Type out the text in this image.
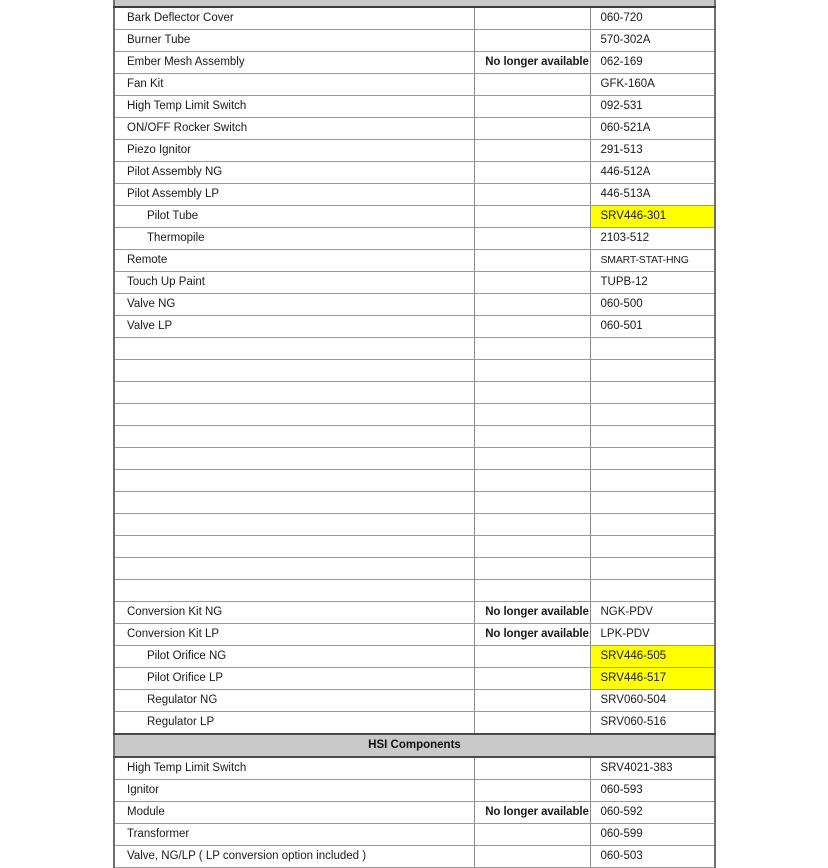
Bark Deflector Cover		060-720
Burner Tube		570-302A
Ember Mesh Assembly	No longer available	062-169
Fan Kit		GFK-160A
High Temp Limit Switch		092-531
ON/OFF Rocker Switch		060-521A
Piezo Ignitor		291-513
Pilot Assembly NG		446-512A
Pilot Assembly LP		446-513A
Pilot Tube		SRV446-301
Thermopile		2103-512
Remote		SMART-STAT-HNG
Touch Up Paint		TUPB-12
Valve NG		060-500
Valve LP		060-501

Conversion Kit NG	No longer available	NGK-PDV
Conversion Kit LP	No longer available	LPK-PDV
Pilot Orifice NG		SRV446-505
Pilot Orifice LP		SRV446-517
Regulator NG		SRV060-504
Regulator LP		SRV060-516
HSI Components		
High Temp Limit Switch		SRV4021-383
Ignitor		060-593
Module	No longer available	060-592
Transformer		060-599
Valve, NG/LP ( LP conversion option included )		060-503
